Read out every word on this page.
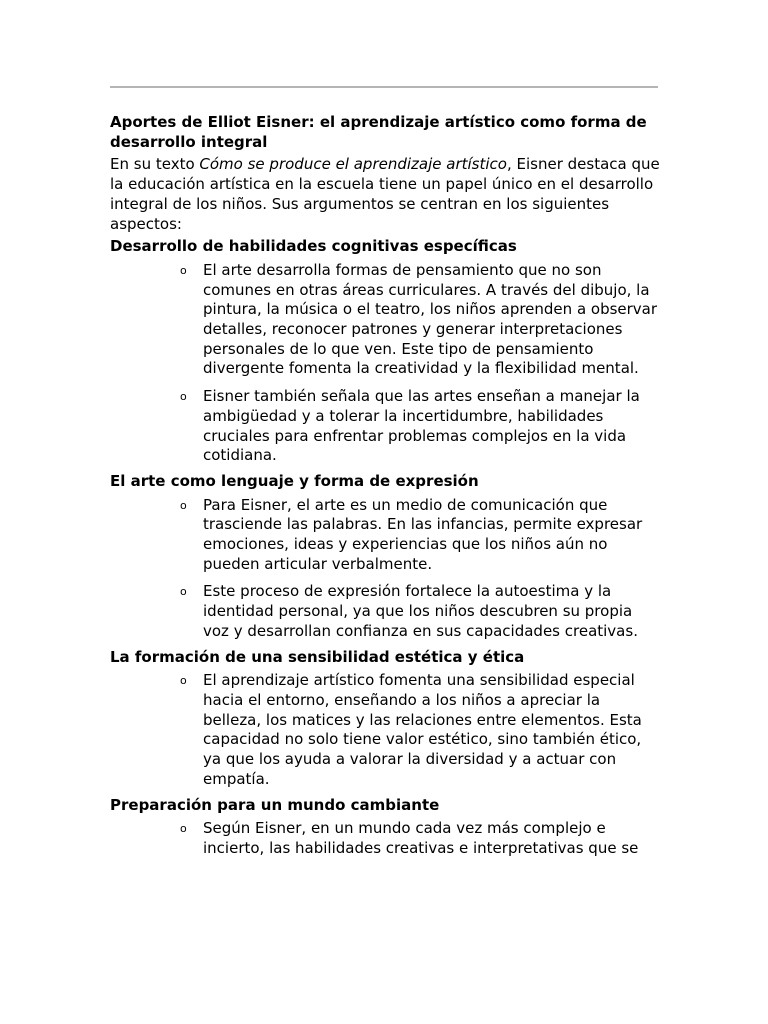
Aportes de Elliot Eisner: el aprendizaje artístico como forma de desarrollo integral
En su texto Cómo se produce el aprendizaje artístico, Eisner destaca que la educación artística en la escuela tiene un papel único en el desarrollo integral de los niños. Sus argumentos se centran en los siguientes aspectos:
Desarrollo de habilidades cognitivas específicas
o El arte desarrolla formas de pensamiento que no son comunes en otras áreas curriculares. A través del dibujo, la pintura, la música o el teatro, los niños aprenden a observar detalles, reconocer patrones y generar interpretaciones personales de lo que ven. Este tipo de pensamiento divergente fomenta la creatividad y la flexibilidad mental.
o Eisner también señala que las artes enseñan a manejar la ambigüedad y a tolerar la incertidumbre, habilidades cruciales para enfrentar problemas complejos en la vida cotidiana.
El arte como lenguaje y forma de expresión
o Para Eisner, el arte es un medio de comunicación que trasciende las palabras. En las infancias, permite expresar emociones, ideas y experiencias que los niños aún no pueden articular verbalmente.
o Este proceso de expresión fortalece la autoestima y la identidad personal, ya que los niños descubren su propia voz y desarrollan confianza en sus capacidades creativas.
La formación de una sensibilidad estética y ética
o El aprendizaje artístico fomenta una sensibilidad especial hacia el entorno, enseñando a los niños a apreciar la belleza, los matices y las relaciones entre elementos. Esta capacidad no solo tiene valor estético, sino también ético, ya que los ayuda a valorar la diversidad y a actuar con empatía.
Preparación para un mundo cambiante
o Según Eisner, en un mundo cada vez más complejo e incierto, las habilidades creativas e interpretativas que se
